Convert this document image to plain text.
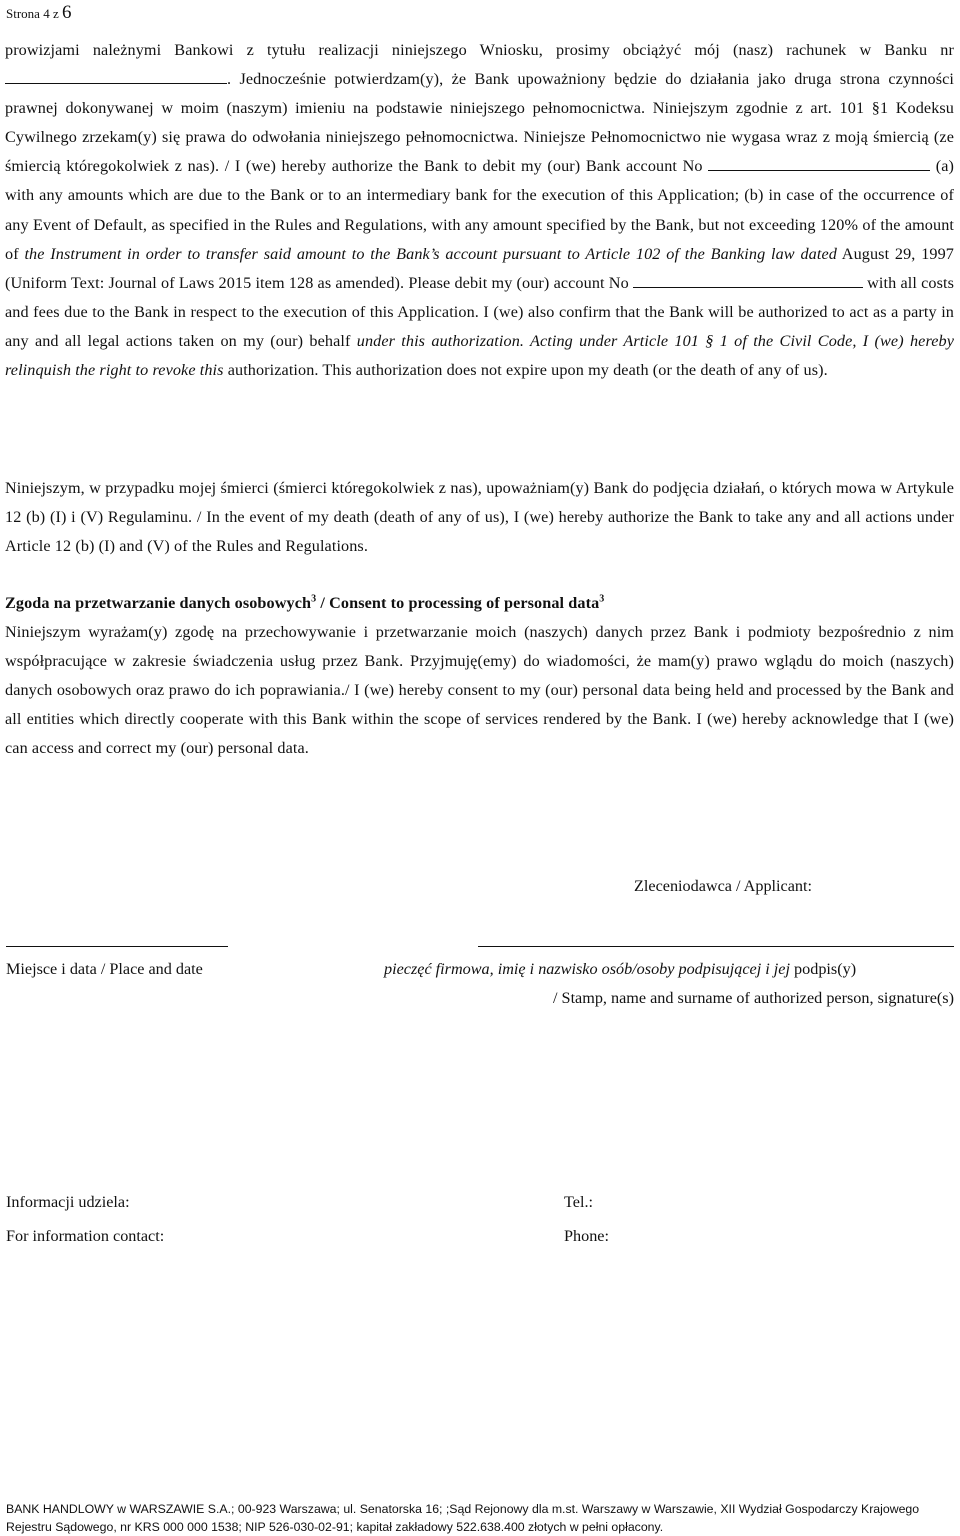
Strona 4 z 6
prowizjami należnymi Bankowi z tytułu realizacji niniejszego Wniosku, prosimy obciążyć mój (nasz) rachunek w Banku nr . Jednocześnie potwierdzam(y), że Bank upoważniony będzie do działania jako druga strona czynności prawnej dokonywanej w moim (naszym) imieniu na podstawie niniejszego pełnomocnictwa. Niniejszym zgodnie z art. 101 §1 Kodeksu Cywilnego zrzekam(y) się prawa do odwołania niniejszego pełnomocnictwa. Niniejsze Pełnomocnictwo nie wygasa wraz z moją śmiercią (ze śmiercią któregokolwiek z nas). / I (we) hereby authorize the Bank to debit my (our) Bank account No	(a) with any amounts which are due to the Bank or to an intermediary bank for the execution of this Application; (b) in case of the occurrence of any Event of Default, as specified in the Rules and Regulations, with any amount specified by the Bank, but not exceeding 120% of the amount of the Instrument in order to transfer said amount to the Bank’s account pursuant to Article 102 of the Banking law dated August 29, 1997 (Uniform Text: Journal of Laws 2015 item 128 as amended). Please debit my (our) account No	with all costs and fees due to the Bank in respect to the execution of this Application. I (we) also confirm that the Bank will be authorized to act as a party in any and all legal actions taken on my (our) behalf under this authorization. Acting under Article 101 § 1 of the Civil Code, I (we) hereby relinquish the right to revoke this authorization. This authorization does not expire upon my death (or the death of any of us).
Niniejszym, w przypadku mojej śmierci (śmierci któregokolwiek z nas), upoważniam(y) Bank do podjęcia działań, o których mowa w Artykule 12 (b) (I) i (V) Regulaminu. / In the event of my death (death of any of us), I (we) hereby authorize the Bank to take any and all actions under Article 12 (b) (I) and (V) of the Rules and Regulations.
Zgoda na przetwarzanie danych osobowych$^3$ / Consent to processing of personal data$^3$
Niniejszym wyrażam(y) zgodę na przechowywanie i przetwarzanie moich (naszych) danych przez Bank i podmioty bezpośrednio z nim współpracujące w zakresie świadczenia usług przez Bank. Przyjmuję(emy) do wiadomości, że mam(y) prawo wglądu do moich (naszych) danych osobowych oraz prawo do ich poprawiania./ I (we) hereby consent to my (our) personal data being held and processed by the Bank and all entities which directly cooperate with this Bank within the scope of services rendered by the Bank. I (we) hereby acknowledge that I (we) can access and correct my (our) personal data.
Zleceniodawca / Applicant:
Miejsce i data / Place and date	pieczęć firmowa, imię i nazwisko osób/osoby podpisującej i jej podpis(y)
/ Stamp, name and surname of authorized person, signature(s)
Informacji udziela:	Tel.:
For information contact:	Phone:
BANK HANDLOWY w WARSZAWIE S.A.; 00-923 Warszawa; ul. Senatorska 16; ;Sąd Rejonowy dla m.st. Warszawy w Warszawie, XII Wydział Gospodarczy Krajowego
Rejestru Sądowego, nr KRS 000 000 1538; NIP 526-030-02-91; kapitał zakładowy 522.638.400 złotych w pełni opłacony.
